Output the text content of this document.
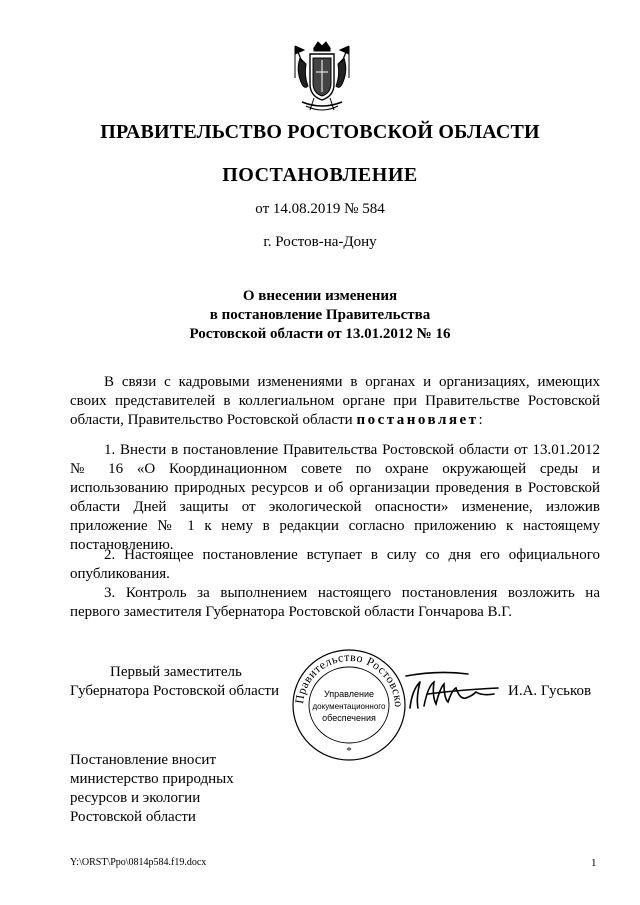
ПРАВИТЕЛЬСТВО РОСТОВСКОЙ ОБЛАСТИ
ПОСТАНОВЛЕНИЕ
от 14.08.2019 № 584
г. Ростов-на-Дону
О внесении изменения
в постановление Правительства
Ростовской области от 13.01.2012 № 16

В связи с кадровыми изменениями в органах и организациях, имеющих своих представителей в коллегиальном органе при Правительстве Ростовской области, Правительство Ростовской области постановляет:

1. Внести в постановление Правительства Ростовской области от 13.01.2012 № 16 «О Координационном совете по охране окружающей среды и использованию природных ресурсов и об организации проведения в Ростовской области Дней защиты от экологической опасности» изменение, изложив приложение № 1 к нему в редакции согласно приложению к настоящему постановлению.

2. Настоящее постановление вступает в силу со дня его официального опубликования.

3. Контроль за выполнением настоящего постановления возложить на первого заместителя Губернатора Ростовской области Гончарова В.Г.

Первый заместитель
Губернатора Ростовской области	Правительство Ростовско
Управление
документационного
обеспечения
*
И.А. Гуськов
Постановление вносит
министерство природных
ресурсов и экологии
Ростовской области
Y:\ORST\Ppo\0814p584.f19.docx	1
